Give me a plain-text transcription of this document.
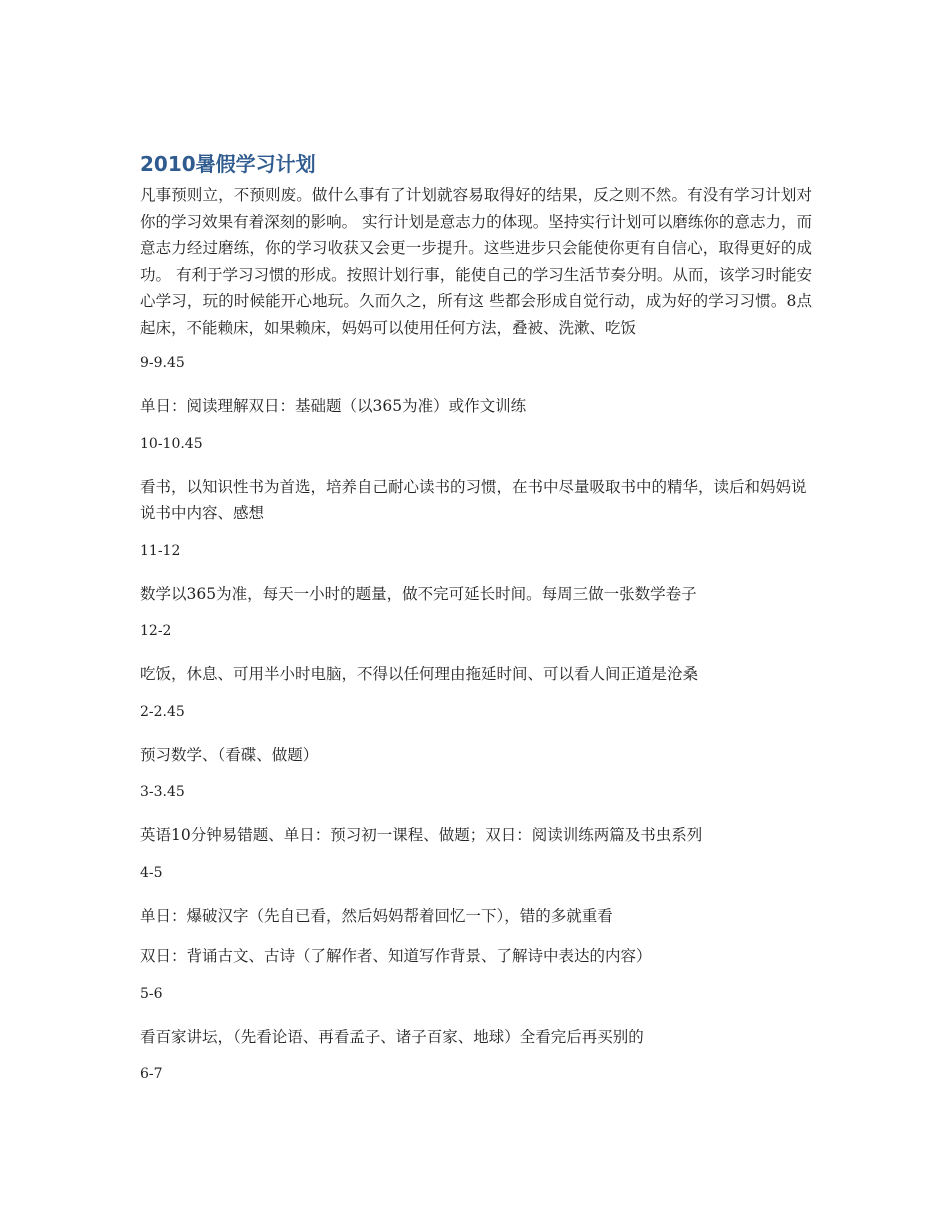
2010暑假学习计划

凡事预则立，不预则废。做什么事有了计划就容易取得好的结果，反之则不然。有没有学习计划对你的学习效果有着深刻的影响。 实行计划是意志力的体现。坚持实行计划可以磨练你的意志力，而意志力经过磨练，你的学习收获又会更一步提升。这些进步只会能使你更有自信心，取得更好的成功。 有利于学习习惯的形成。按照计划行事，能使自己的学习生活节奏分明。从而，该学习时能安心学习，玩的时候能开心地玩。久而久之，所有这 些都会形成自觉行动，成为好的学习习惯。8点起床，不能赖床，如果赖床，妈妈可以使用任何方法，叠被、洗漱、吃饭

9-9.45

单日：阅读理解双日：基础题（以365为准）或作文训练

10-10.45

看书，以知识性书为首选，培养自己耐心读书的习惯，在书中尽量吸取书中的精华，读后和妈妈说说书中内容、感想

11-12

数学以365为准，每天一小时的题量，做不完可延长时间。每周三做一张数学卷子

12-2

吃饭，休息、可用半小时电脑，不得以任何理由拖延时间、可以看人间正道是沧桑

2-2.45

预习数学、（看碟、做题）

3-3.45

英语10分钟易错题、单日：预习初一课程、做题；双日：阅读训练两篇及书虫系列

4-5

单日：爆破汉字（先自已看，然后妈妈帮着回忆一下），错的多就重看

双日：背诵古文、古诗（了解作者、知道写作背景、了解诗中表达的内容）

5-6

看百家讲坛，（先看论语、再看孟子、诸子百家、地球）全看完后再买别的

6-7
